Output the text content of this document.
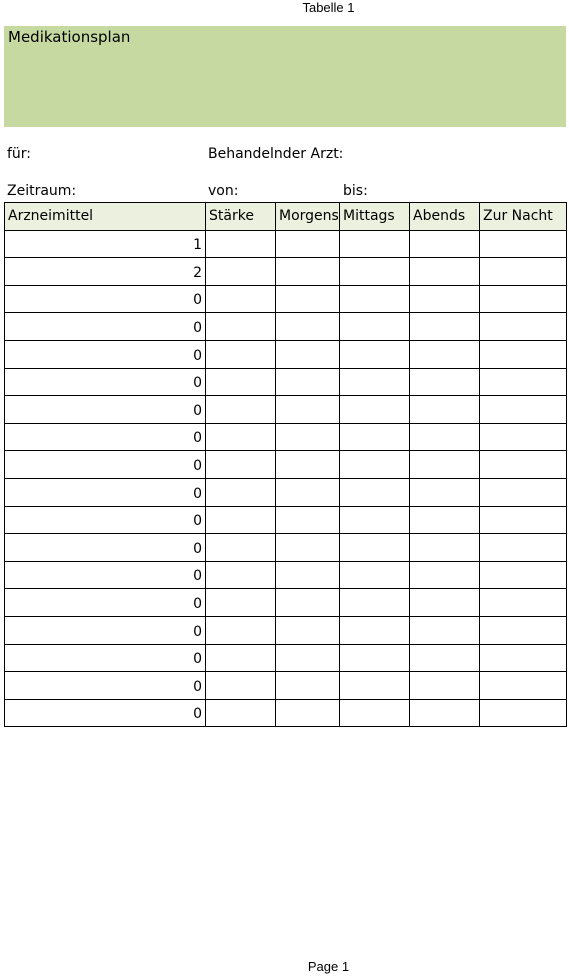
Tabelle 1
Medikationsplan
für:	Behandelnder Arzt:
Zeitraum:	von:	bis:
Arzneimittel	Stärke	Morgens	Mittags	Abends	Zur Nacht
1					
2					
0					
0					
0					
0					
0					
0					
0					
0					
0					
0					
0					
0					
0					
0					
0					
0					
Page 1
